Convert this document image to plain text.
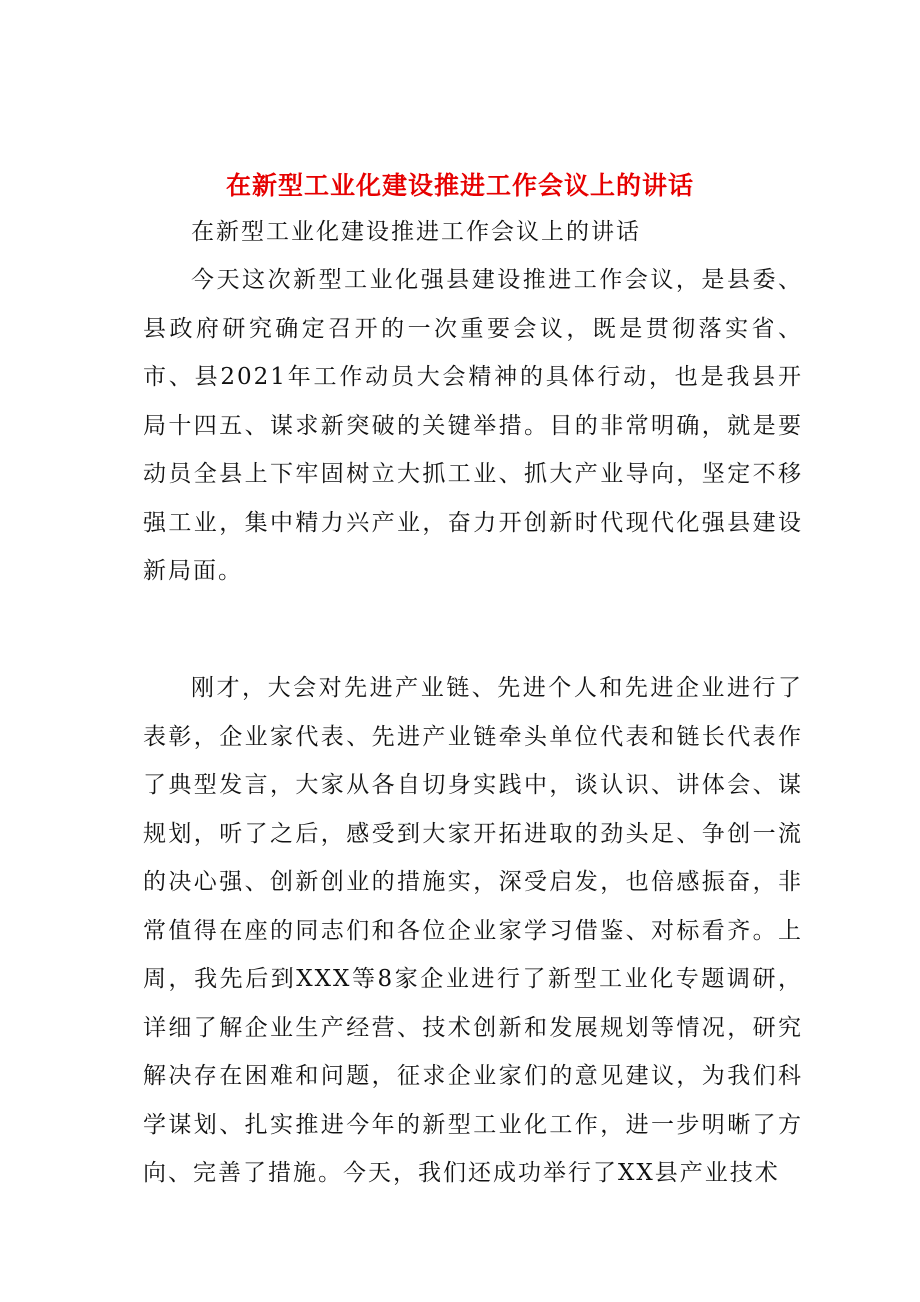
在新型工业化建设推进工作会议上的讲话

在新型工业化建设推进工作会议上的讲话

今天这次新型工业化强县建设推进工作会议，是县委、县政府研究确定召开的一次重要会议，既是贯彻落实省、市、县2021年工作动员大会精神的具体行动，也是我县开局十四五、谋求新突破的关键举措。目的非常明确，就是要动员全县上下牢固树立大抓工业、抓大产业导向，坚定不移强工业，集中精力兴产业，奋力开创新时代现代化强县建设新局面。

刚才，大会对先进产业链、先进个人和先进企业进行了表彰，企业家代表、先进产业链牵头单位代表和链长代表作了典型发言，大家从各自切身实践中，谈认识、讲体会、谋规划，听了之后，感受到大家开拓进取的劲头足、争创一流的决心强、创新创业的措施实，深受启发，也倍感振奋，非常值得在座的同志们和各位企业家学习借鉴、对标看齐。上周，我先后到XXX等8家企业进行了新型工业化专题调研，详细了解企业生产经营、技术创新和发展规划等情况，研究解决存在困难和问题，征求企业家们的意见建议，为我们科学谋划、扎实推进今年的新型工业化工作，进一步明晰了方向、完善了措施。今天，我们还成功举行了XX县产业技术
